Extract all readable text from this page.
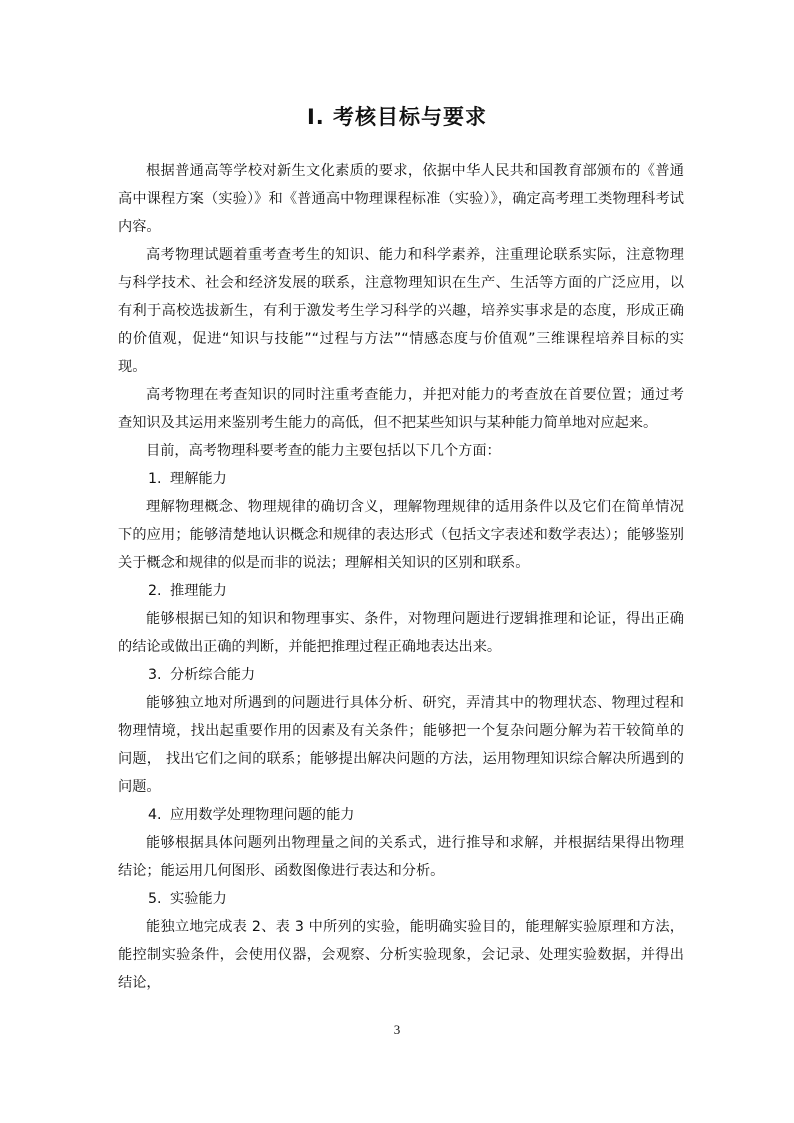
Ⅰ. 考核目标与要求

根据普通高等学校对新生文化素质的要求，依据中华人民共和国教育部颁布的《普通高中课程方案（实验）》和《普通高中物理课程标准（实验）》，确定高考理工类物理科考试内容。

高考物理试题着重考查考生的知识、能力和科学素养，注重理论联系实际，注意物理与科学技术、社会和经济发展的联系，注意物理知识在生产、生活等方面的广泛应用，以有利于高校选拔新生，有利于激发考生学习科学的兴趣，培养实事求是的态度，形成正确的价值观，促进“知识与技能”“过程与方法”“情感态度与价值观”三维课程培养目标的实现。

高考物理在考查知识的同时注重考查能力，并把对能力的考查放在首要位置；通过考查知识及其运用来鉴别考生能力的高低，但不把某些知识与某种能力简单地对应起来。

目前，高考物理科要考查的能力主要包括以下几个方面：

1. 理解能力

理解物理概念、物理规律的确切含义，理解物理规律的适用条件以及它们在简单情况下的应用；能够清楚地认识概念和规律的表达形式（包括文字表述和数学表达）；能够鉴别关于概念和规律的似是而非的说法；理解相关知识的区别和联系。

2. 推理能力

能够根据已知的知识和物理事实、条件，对物理问题进行逻辑推理和论证，得出正确的结论或做出正确的判断，并能把推理过程正确地表达出来。

3. 分析综合能力

能够独立地对所遇到的问题进行具体分析、研究，弄清其中的物理状态、物理过程和物理情境，找出起重要作用的因素及有关条件；能够把一个复杂问题分解为若干较简单的问题， 找出它们之间的联系；能够提出解决问题的方法，运用物理知识综合解决所遇到的问题。

4. 应用数学处理物理问题的能力

能够根据具体问题列出物理量之间的关系式，进行推导和求解，并根据结果得出物理结论；能运用几何图形、函数图像进行表达和分析。

5. 实验能力

能独立地完成表 2、表 3 中所列的实验，能明确实验目的，能理解实验原理和方法，能控制实验条件，会使用仪器，会观察、分析实验现象，会记录、处理实验数据，并得出结论，

3
